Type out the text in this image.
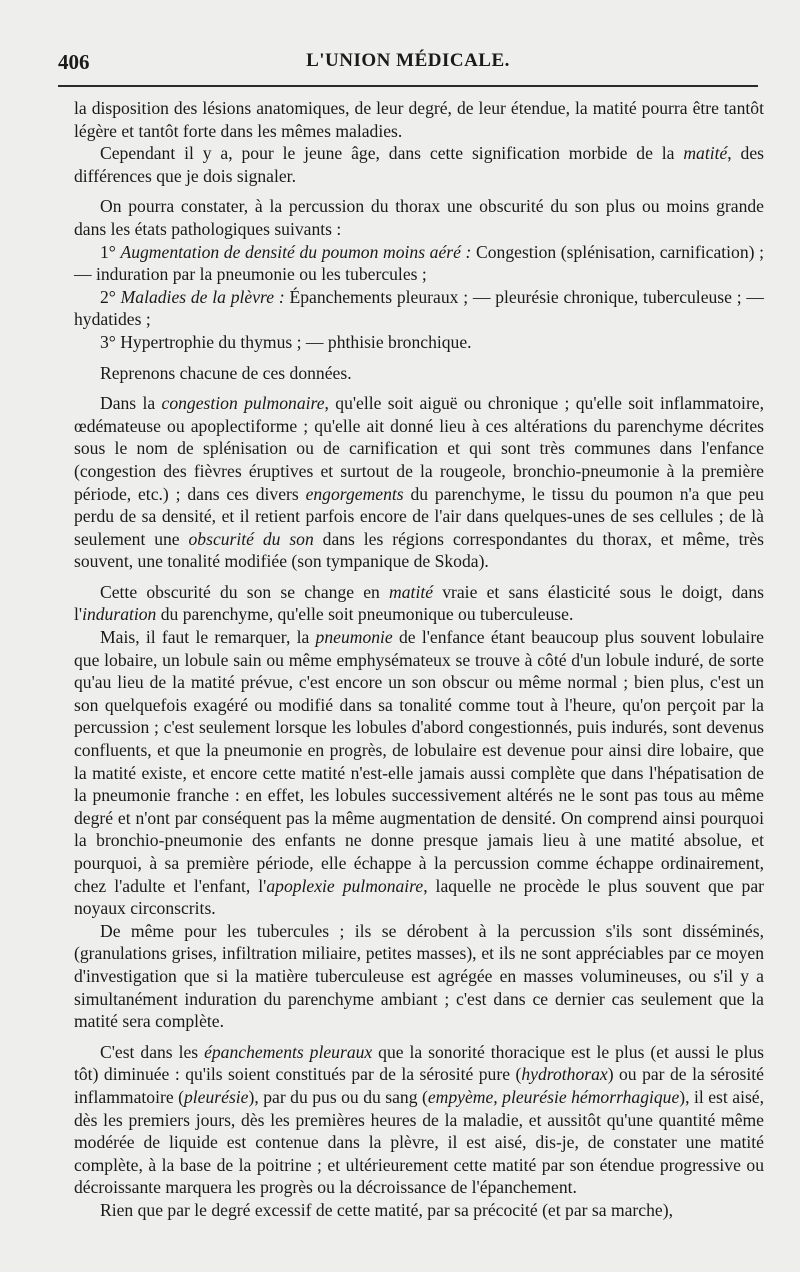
406	L'UNION MÉDICALE.

la disposition des lésions anatomiques, de leur degré, de leur étendue, la matité pourra être tantôt légère et tantôt forte dans les mêmes maladies.

Cependant il y a, pour le jeune âge, dans cette signification morbide de la matité, des différences que je dois signaler.

On pourra constater, à la percussion du thorax une obscurité du son plus ou moins grande dans les états pathologiques suivants :

1° Augmentation de densité du poumon moins aéré : Congestion (splénisation, carnification) ; — induration par la pneumonie ou les tubercules ;

2° Maladies de la plèvre : Épanchements pleuraux ; — pleurésie chronique, tuberculeuse ; — hydatides ;

3° Hypertrophie du thymus ; — phthisie bronchique.

Reprenons chacune de ces données.

Dans la congestion pulmonaire, qu'elle soit aiguë ou chronique ; qu'elle soit inflammatoire, œdémateuse ou apoplectiforme ; qu'elle ait donné lieu à ces altérations du parenchyme décrites sous le nom de splénisation ou de carnification et qui sont très communes dans l'enfance (congestion des fièvres éruptives et surtout de la rougeole, bronchio-pneumonie à la première période, etc.) ; dans ces divers engorgements du parenchyme, le tissu du poumon n'a que peu perdu de sa densité, et il retient parfois encore de l'air dans quelques-unes de ses cellules ; de là seulement une obscurité du son dans les régions correspondantes du thorax, et même, très souvent, une tonalité modifiée (son tympanique de Skoda).

Cette obscurité du son se change en matité vraie et sans élasticité sous le doigt, dans l'induration du parenchyme, qu'elle soit pneumonique ou tuberculeuse.

Mais, il faut le remarquer, la pneumonie de l'enfance étant beaucoup plus souvent lobulaire que lobaire, un lobule sain ou même emphysémateux se trouve à côté d'un lobule induré, de sorte qu'au lieu de la matité prévue, c'est encore un son obscur ou même normal ; bien plus, c'est un son quelquefois exagéré ou modifié dans sa tonalité comme tout à l'heure, qu'on perçoit par la percussion ; c'est seulement lorsque les lobules d'abord congestionnés, puis indurés, sont devenus confluents, et que la pneumonie en progrès, de lobulaire est devenue pour ainsi dire lobaire, que la matité existe, et encore cette matité n'est-elle jamais aussi complète que dans l'hépatisation de la pneumonie franche : en effet, les lobules successivement altérés ne le sont pas tous au même degré et n'ont par conséquent pas la même augmentation de densité. On comprend ainsi pourquoi la bronchio-pneumonie des enfants ne donne presque jamais lieu à une matité absolue, et pourquoi, à sa première période, elle échappe à la percussion comme échappe ordinairement, chez l'adulte et l'enfant, l'apoplexie pulmonaire, laquelle ne procède le plus souvent que par noyaux circonscrits.

De même pour les tubercules ; ils se dérobent à la percussion s'ils sont disséminés, (granulations grises, infiltration miliaire, petites masses), et ils ne sont appréciables par ce moyen d'investigation que si la matière tuberculeuse est agrégée en masses volumineuses, ou s'il y a simultanément induration du parenchyme ambiant ; c'est dans ce dernier cas seulement que la matité sera complète.

C'est dans les épanchements pleuraux que la sonorité thoracique est le plus (et aussi le plus tôt) diminuée : qu'ils soient constitués par de la sérosité pure (hydrothorax) ou par de la sérosité inflammatoire (pleurésie), par du pus ou du sang (empyème, pleurésie hémorrhagique), il est aisé, dès les premiers jours, dès les premières heures de la maladie, et aussitôt qu'une quantité même modérée de liquide est contenue dans la plèvre, il est aisé, dis-je, de constater une matité complète, à la base de la poitrine ; et ultérieurement cette matité par son étendue progressive ou décroissante marquera les progrès ou la décroissance de l'épanchement.

Rien que par le degré excessif de cette matité, par sa précocité (et par sa marche),
